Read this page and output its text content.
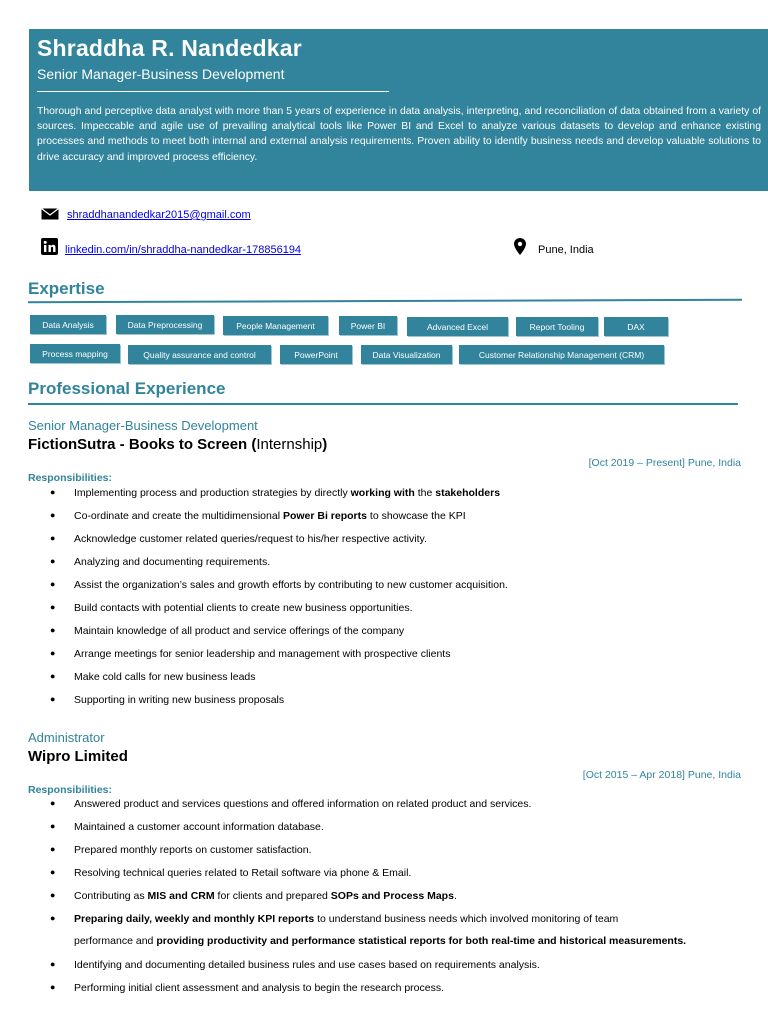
Shraddha R. Nandedkar
Senior Manager-Business Development
Thorough and perceptive data analyst with more than 5 years of experience in data analysis, interpreting, and reconciliation of data obtained from a variety of sources. Impeccable and agile use of prevailing analytical tools like Power BI and Excel to analyze various datasets to develop and enhance existing processes and methods to meet both internal and external analysis requirements. Proven ability to identify business needs and develop valuable solutions to drive accuracy and improved process efficiency.
shraddhanandedkar2015@gmail.com
linkedin.com/in/shraddha-nandedkar-178856194	Pune, India
Expertise
Data Analysis	Data Preprocessing	People Management	Power BI	Advanced Excel	Report Tooling	DAX
Process mapping	Quality assurance and control	PowerPoint	Data Visualization	Customer Relationship Management (CRM)
Professional Experience
Senior Manager-Business Development
FictionSutra - Books to Screen (Internship)
[Oct 2019 – Present] Pune, India
Responsibilities:
● Implementing process and production strategies by directly working with the stakeholders
● Co-ordinate and create the multidimensional Power Bi reports to showcase the KPI
● Acknowledge customer related queries/request to his/her respective activity.
● Analyzing and documenting requirements.
● Assist the organization’s sales and growth efforts by contributing to new customer acquisition.
● Build contacts with potential clients to create new business opportunities.
● Maintain knowledge of all product and service offerings of the company
● Arrange meetings for senior leadership and management with prospective clients
● Make cold calls for new business leads
● Supporting in writing new business proposals
Administrator
Wipro Limited
[Oct 2015 – Apr 2018] Pune, India
Responsibilities:
● Answered product and services questions and offered information on related product and services.
● Maintained a customer account information database.
● Prepared monthly reports on customer satisfaction.
● Resolving technical queries related to Retail software via phone & Email.
● Contributing as MIS and CRM for clients and prepared SOPs and Process Maps.
● Preparing daily, weekly and monthly KPI reports to understand business needs which involved monitoring of team
performance and providing productivity and performance statistical reports for both real-time and historical measurements.
● Identifying and documenting detailed business rules and use cases based on requirements analysis.
● Performing initial client assessment and analysis to begin the research process.
